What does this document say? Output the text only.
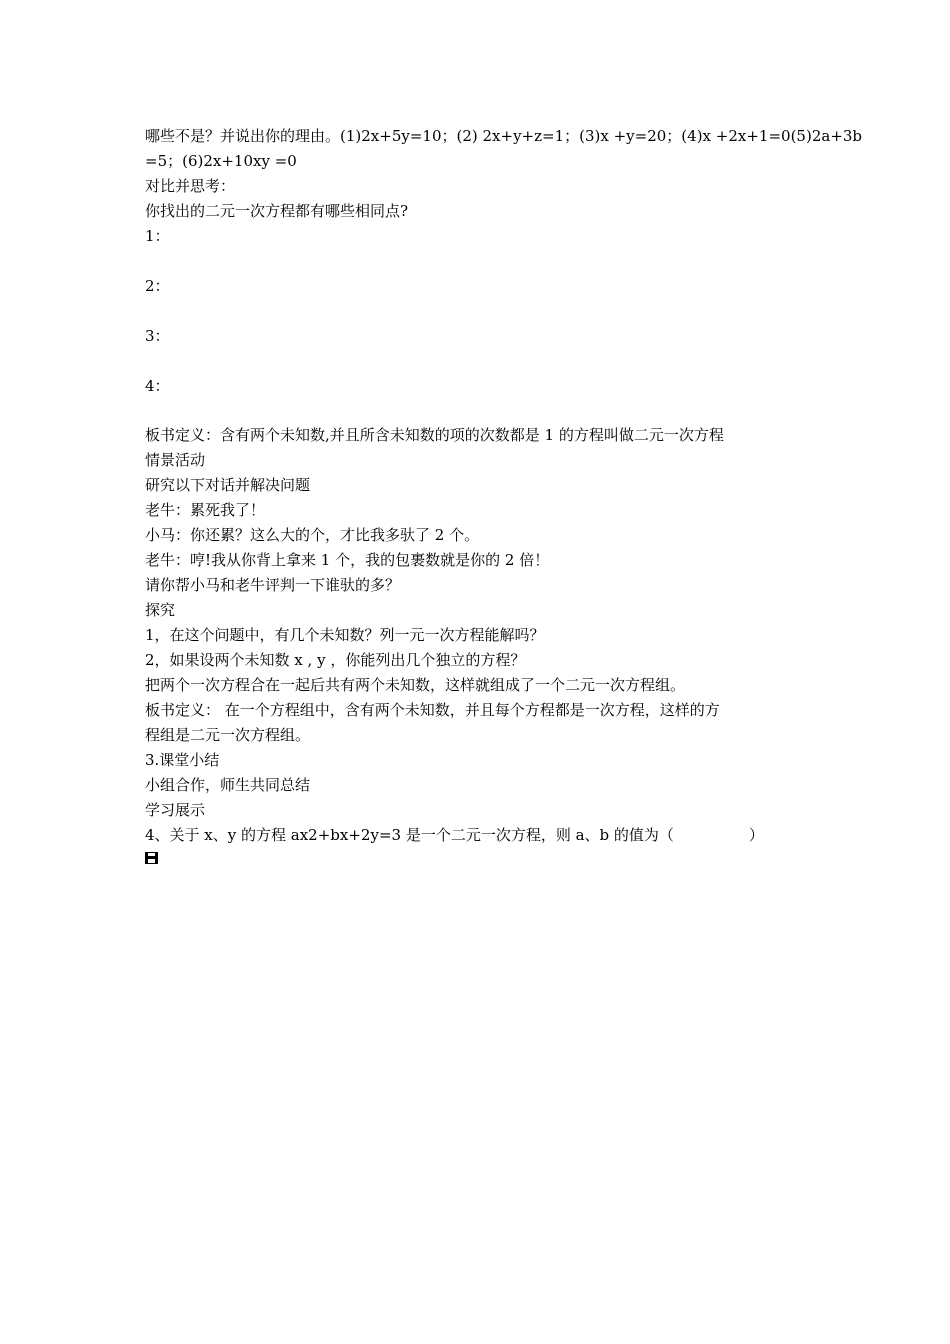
哪些不是？并说出你的理由。(1)2x+5y=10；(2) 2x+y+z=1；(3)x +y=20；(4)x +2x+1=0(5)2a+3b
=5；(6)2x+10xy =0
对比并思考：
你找出的二元一次方程都有哪些相同点?
1：
2：
3：
4：
板书定义：含有两个未知数,并且所含未知数的项的次数都是 1 的方程叫做二元一次方程
情景活动
研究以下对话并解决问题
老牛：累死我了！
小马：你还累？这么大的个，才比我多驮了 2 个。
老牛：哼!我从你背上拿来 1 个，我的包裹数就是你的 2 倍！
请你帮小马和老牛评判一下谁驮的多？
探究
1，在这个问题中，有几个未知数？列一元一次方程能解吗？
2，如果设两个未知数 x , y ，你能列出几个独立的方程？
把两个一次方程合在一起后共有两个未知数，这样就组成了一个二元一次方程组。
板书定义： 在一个方程组中，含有两个未知数，并且每个方程都是一次方程，这样的方
程组是二元一次方程组。
3.课堂小结
小组合作，师生共同总结
学习展示
4、关于 x、y 的方程 ax2+bx+2y=3 是一个二元一次方程，则 a、b 的值为（　　　　　）
